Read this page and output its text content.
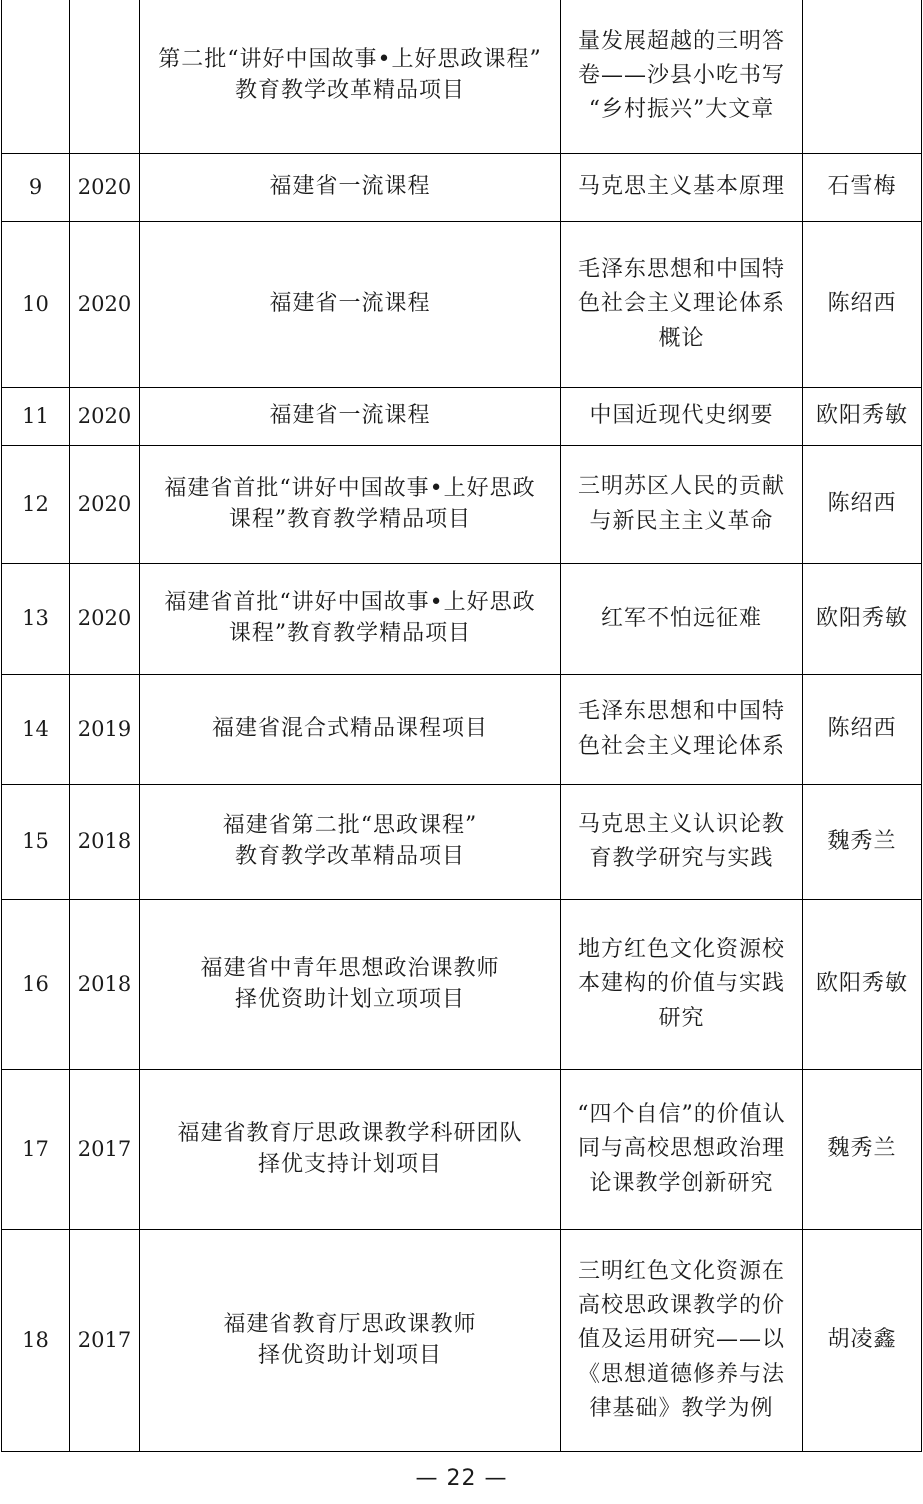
		第二批“讲好中国故事•上好思政课程”
教育教学改革精品项目	量发展超越的三明答
卷——沙县小吃书写
“乡村振兴”大文章	
9	2020	福建省一流课程	马克思主义基本原理	石雪梅
10	2020	福建省一流课程	毛泽东思想和中国特
色社会主义理论体系
概论	陈绍西
11	2020	福建省一流课程	中国近现代史纲要	欧阳秀敏
12	2020	福建省首批“讲好中国故事•上好思政
课程”教育教学精品项目	三明苏区人民的贡献
与新民主主义革命	陈绍西
13	2020	福建省首批“讲好中国故事•上好思政
课程”教育教学精品项目	红军不怕远征难	欧阳秀敏
14	2019	福建省混合式精品课程项目	毛泽东思想和中国特
色社会主义理论体系	陈绍西
15	2018	福建省第二批“思政课程”
教育教学改革精品项目	马克思主义认识论教
育教学研究与实践	魏秀兰
16	2018	福建省中青年思想政治课教师
择优资助计划立项项目	地方红色文化资源校
本建构的价值与实践
研究	欧阳秀敏
17	2017	福建省教育厅思政课教学科研团队
择优支持计划项目	“四个自信”的价值认
同与高校思想政治理
论课教学创新研究	魏秀兰
18	2017	福建省教育厅思政课教师
择优资助计划项目	三明红色文化资源在
高校思政课教学的价
值及运用研究——以
《思想道德修养与法
律基础》教学为例	胡凌鑫
— 22 —
